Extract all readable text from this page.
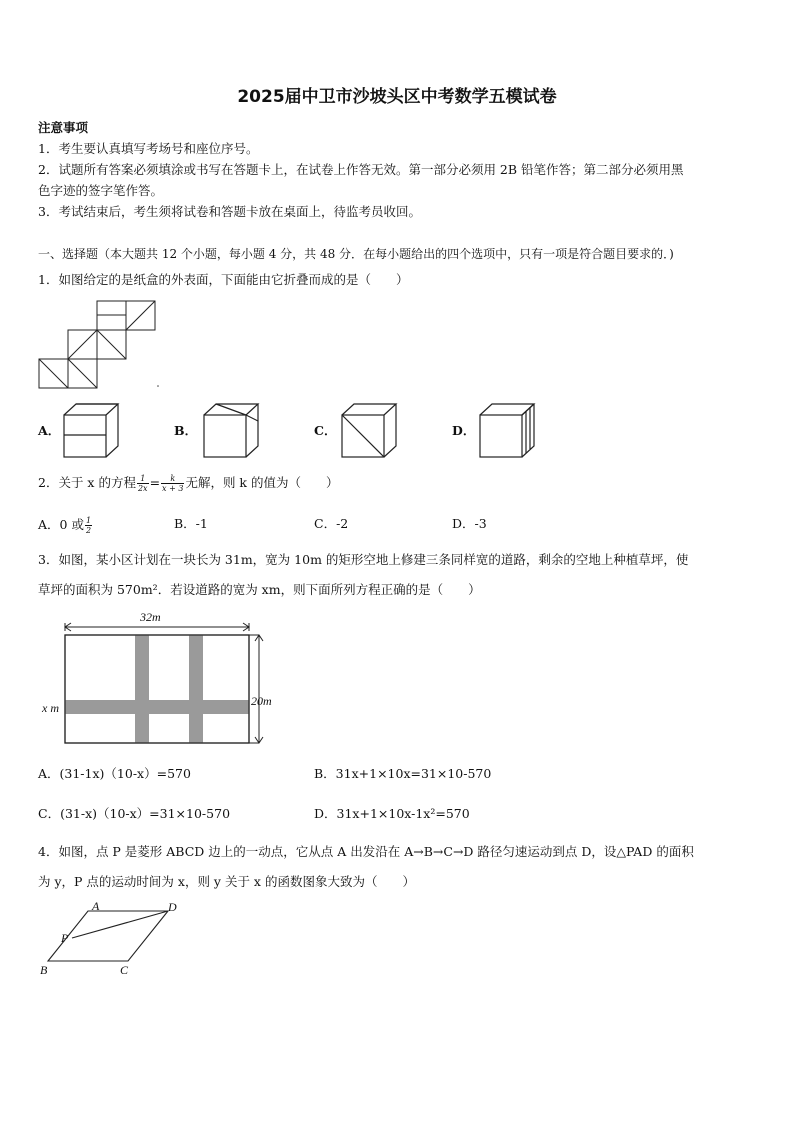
2025届中卫市沙坡头区中考数学五模试卷
注意事项
1．考生要认真填写考场号和座位序号。
2．试题所有答案必须填涂或书写在答题卡上，在试卷上作答无效。第一部分必须用 2B 铅笔作答；第二部分必须用黑
色字迹的签字笔作答。
3．考试结束后，考生须将试卷和答题卡放在桌面上，待监考员收回。
一、选择题（本大题共 12 个小题，每小题 4 分，共 48 分．在每小题给出的四个选项中，只有一项是符合题目要求的．)
1．如图给定的是纸盒的外表面，下面能由它折叠而成的是（　　）
A．	B．	C．	D．
2．关于 x 的方程 $\frac{1}{2x} = \frac{k}{x + 3}$ 无解，则 k 的值为（　　）
A．0 或 $\frac{1}{2}$	B．-1	C．-2	D．-3
3．如图，某小区计划在一块长为 31m，宽为 10m 的矩形空地上修建三条同样宽的道路，剩余的空地上种植草坪，使
草坪的面积为 570m²．若设道路的宽为 xm，则下面所列方程正确的是（　　）
32m
20m
x m
A．(31-1x)（10-x）=570	B．31x+1×10x=31×10-570
C．(31-x)（10-x）=31×10-570	D．31x+1×10x-1x²=570
4．如图，点 P 是菱形 ABCD 边上的一动点，它从点 A 出发沿在 A→B→C→D 路径匀速运动到点 D，设△PAD 的面积
为 y，P 点的运动时间为 x，则 y 关于 x 的函数图象大致为（　　）
A	D
P
B	C
